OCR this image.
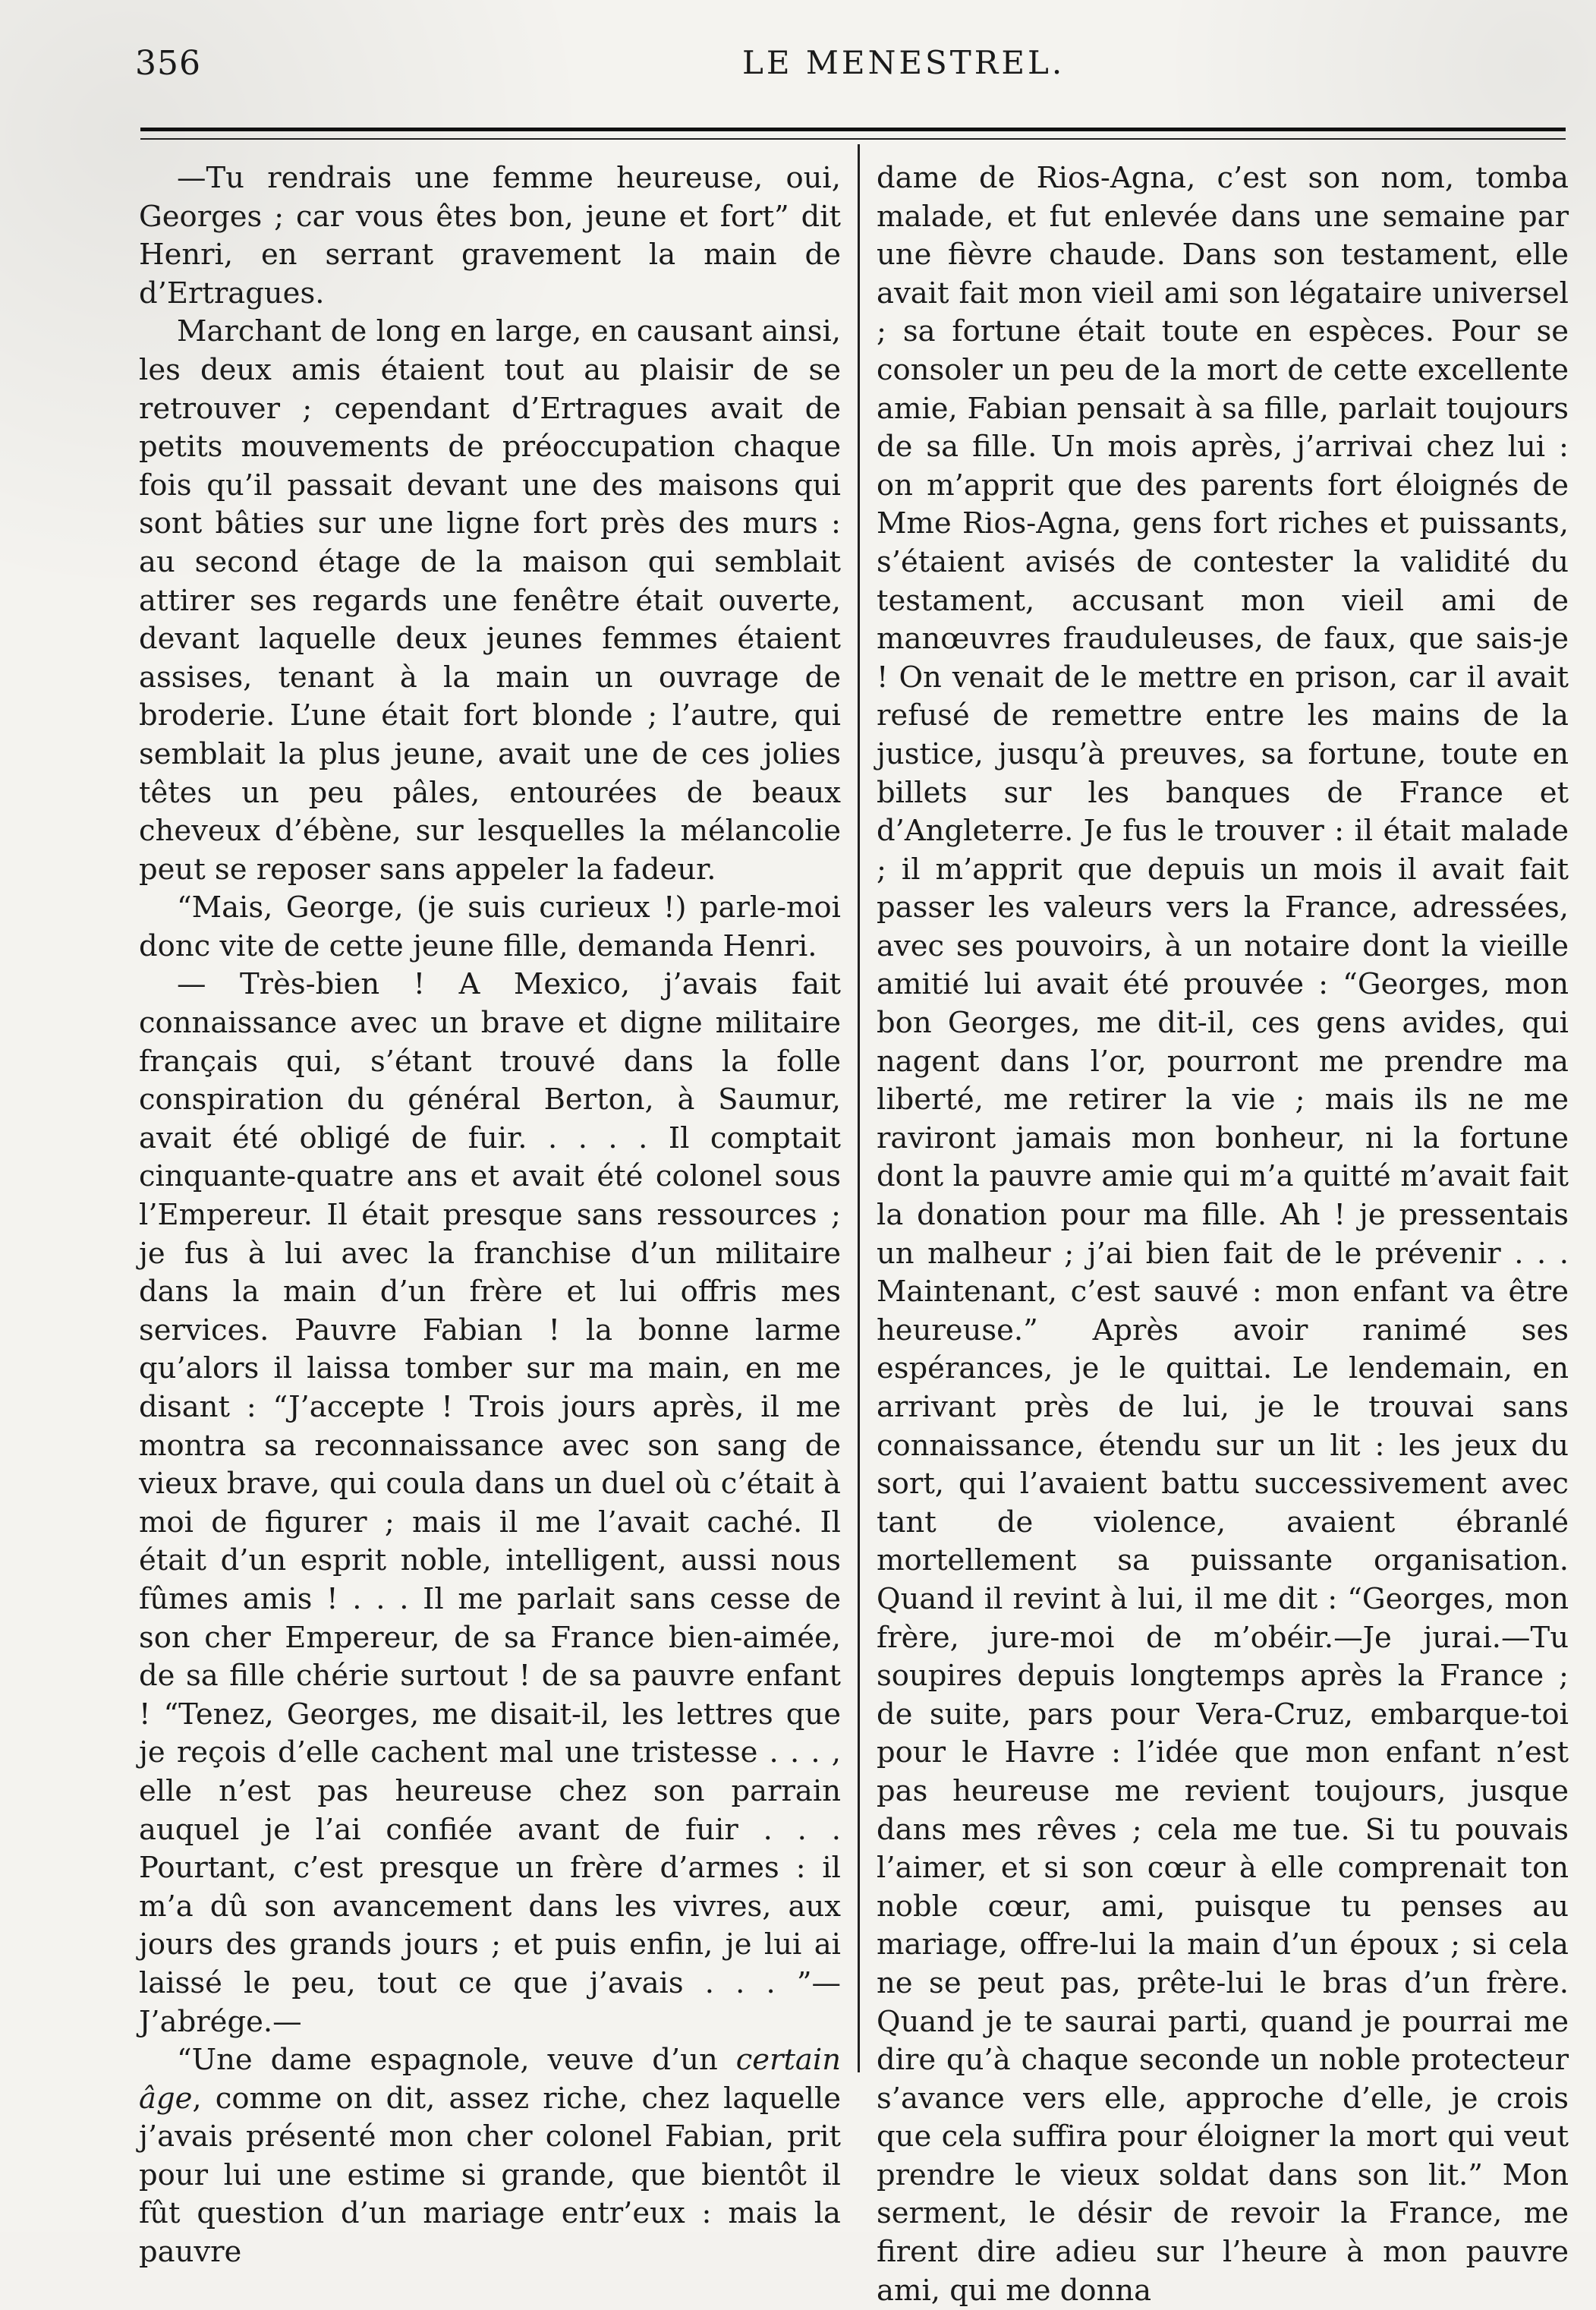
356	LE MENESTREL.

—Tu rendrais une femme heureuse, oui, Georges ; car vous êtes bon, jeune et fort” dit Henri, en serrant gravement la main de d’Ertragues.

Marchant de long en large, en causant ainsi, les deux amis étaient tout au plaisir de se retrouver ; cependant d’Ertragues avait de petits mouvements de préoccupation chaque fois qu’il passait devant une des maisons qui sont bâties sur une ligne fort près des murs : au second étage de la maison qui semblait attirer ses regards une fenêtre était ouverte, devant laquelle deux jeunes femmes étaient assises, tenant à la main un ouvrage de broderie. L’une était fort blonde ; l’autre, qui semblait la plus jeune, avait une de ces jolies têtes un peu pâles, entourées de beaux cheveux d’ébène, sur lesquelles la mélancolie peut se reposer sans appeler la fadeur.

“Mais, George, (je suis curieux !) parle-moi donc vite de cette jeune fille, demanda Henri.

— Très-bien ! A Mexico, j’avais fait connaissance avec un brave et digne militaire français qui, s’étant trouvé dans la folle conspiration du général Berton, à Saumur, avait été obligé de fuir. . . . . Il comptait cinquante-quatre ans et avait été colonel sous l’Empereur. Il était presque sans ressources ; je fus à lui avec la franchise d’un militaire dans la main d’un frère et lui offris mes services. Pauvre Fabian ! la bonne larme qu’alors il laissa tomber sur ma main, en me disant : “J’accepte ! Trois jours après, il me montra sa reconnaissance avec son sang de vieux brave, qui coula dans un duel où c’était à moi de figurer ; mais il me l’avait caché. Il était d’un esprit noble, intelligent, aussi nous fûmes amis ! . . . Il me parlait sans cesse de son cher Empereur, de sa France bien-aimée, de sa fille chérie surtout ! de sa pauvre enfant ! “Tenez, Georges, me disait-il, les lettres que je reçois d’elle cachent mal une tristesse . . . , elle n’est pas heureuse chez son parrain auquel je l’ai confiée avant de fuir . . . Pourtant, c’est presque un frère d’armes : il m’a dû son avancement dans les vivres, aux jours des grands jours ; et puis enfin, je lui ai laissé le peu, tout ce que j’avais . . . ”—J’abrége.—

“Une dame espagnole, veuve d’un certain âge, comme on dit, assez riche, chez laquelle j’avais présenté mon cher colonel Fabian, prit pour lui une estime si grande, que bientôt il fût question d’un mariage entr’eux : mais la pauvre

dame de Rios-Agna, c’est son nom, tomba malade, et fut enlevée dans une semaine par une fièvre chaude. Dans son testament, elle avait fait mon vieil ami son légataire universel ; sa fortune était toute en espèces. Pour se consoler un peu de la mort de cette excellente amie, Fabian pensait à sa fille, parlait toujours de sa fille. Un mois après, j’arrivai chez lui : on m’apprit que des parents fort éloignés de Mme Rios-Agna, gens fort riches et puissants, s’étaient avisés de contester la validité du testament, accusant mon vieil ami de manœuvres frauduleuses, de faux, que sais-je ! On venait de le mettre en prison, car il avait refusé de remettre entre les mains de la justice, jusqu’à preuves, sa fortune, toute en billets sur les banques de France et d’Angleterre. Je fus le trouver : il était malade ; il m’apprit que depuis un mois il avait fait passer les valeurs vers la France, adressées, avec ses pouvoirs, à un notaire dont la vieille amitié lui avait été prouvée : “Georges, mon bon Georges, me dit-il, ces gens avides, qui nagent dans l’or, pourront me prendre ma liberté, me retirer la vie ; mais ils ne me raviront jamais mon bonheur, ni la fortune dont la pauvre amie qui m’a quitté m’avait fait la donation pour ma fille. Ah ! je pressentais un malheur ; j’ai bien fait de le prévenir . . . Maintenant, c’est sauvé : mon enfant va être heureuse.” Après avoir ranimé ses espérances, je le quittai. Le lendemain, en arrivant près de lui, je le trouvai sans connaissance, étendu sur un lit : les jeux du sort, qui l’avaient battu successivement avec tant de violence, avaient ébranlé mortellement sa puissante organisation. Quand il revint à lui, il me dit : “Georges, mon frère, jure-moi de m’obéir.—Je jurai.—Tu soupires depuis longtemps après la France ; de suite, pars pour Vera-Cruz, embarque-toi pour le Havre : l’idée que mon enfant n’est pas heureuse me revient toujours, jusque dans mes rêves ; cela me tue. Si tu pouvais l’aimer, et si son cœur à elle comprenait ton noble cœur, ami, puisque tu penses au mariage, offre-lui la main d’un époux ; si cela ne se peut pas, prête-lui le bras d’un frère. Quand je te saurai parti, quand je pourrai me dire qu’à chaque seconde un noble protecteur s’avance vers elle, approche d’elle, je crois que cela suffira pour éloigner la mort qui veut prendre le vieux soldat dans son lit.” Mon serment, le désir de revoir la France, me firent dire adieu sur l’heure à mon pauvre ami, qui me donna
